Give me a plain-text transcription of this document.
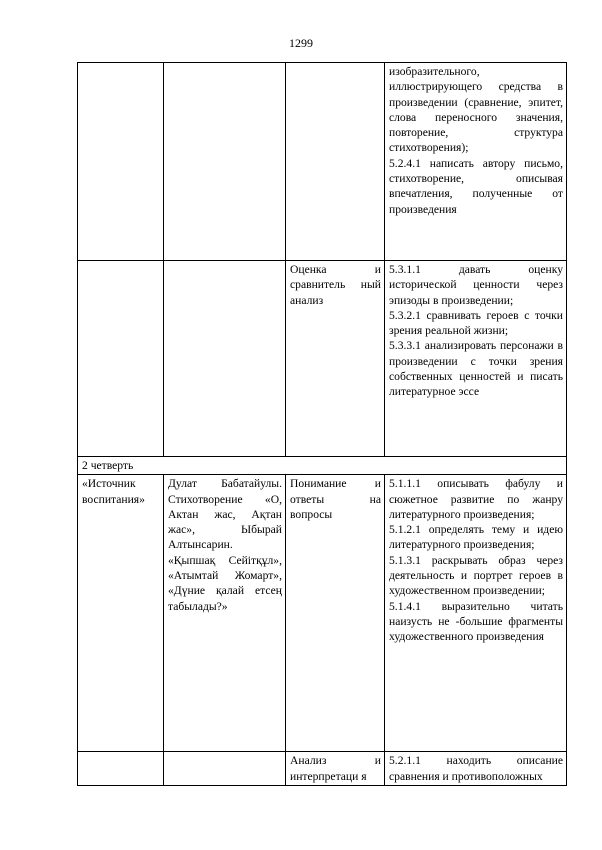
1299

			изобразительного, иллюстрирующего средства в произведении (сравнение, эпитет, слова переносного значения, повторение, структура стихотворения);

5.2.4.1 написать автору письмо, стихотворение, описывая впечатления, полученные от произведения

		Оценка и сравнитель ный анализ	5.3.1.1 давать оценку исторической ценности через эпизоды в произведении;

5.3.2.1 сравнивать героев с точки зрения реальной жизни;

5.3.3.1 анализировать персонажи в произведении с точки зрения собственных ценностей и писать литературное эссе

2 четверть			
«Источник воспитания»	Дулат Бабатайулы. Стихотворение «О, Актан жас, Ақтан жас», Ыбырай Алтынсарин. «Қыпшақ Сейітқұл», «Атымтай Жомарт», «Дүние қалай етсең табылады?»	Понимание и ответы на вопросы	5.1.1.1 описывать фабулу и сюжетное развитие по жанру литературного произведения;

5.1.2.1 определять тему и идею литературного произведения;

5.1.3.1 раскрывать образ через деятельность и портрет героев в художественном произведении;

5.1.4.1 выразительно читать наизусть не -большие фрагменты художественного произведения

		Анализ и интерпретаци я	5.2.1.1 находить описание сравнения и противоположных
